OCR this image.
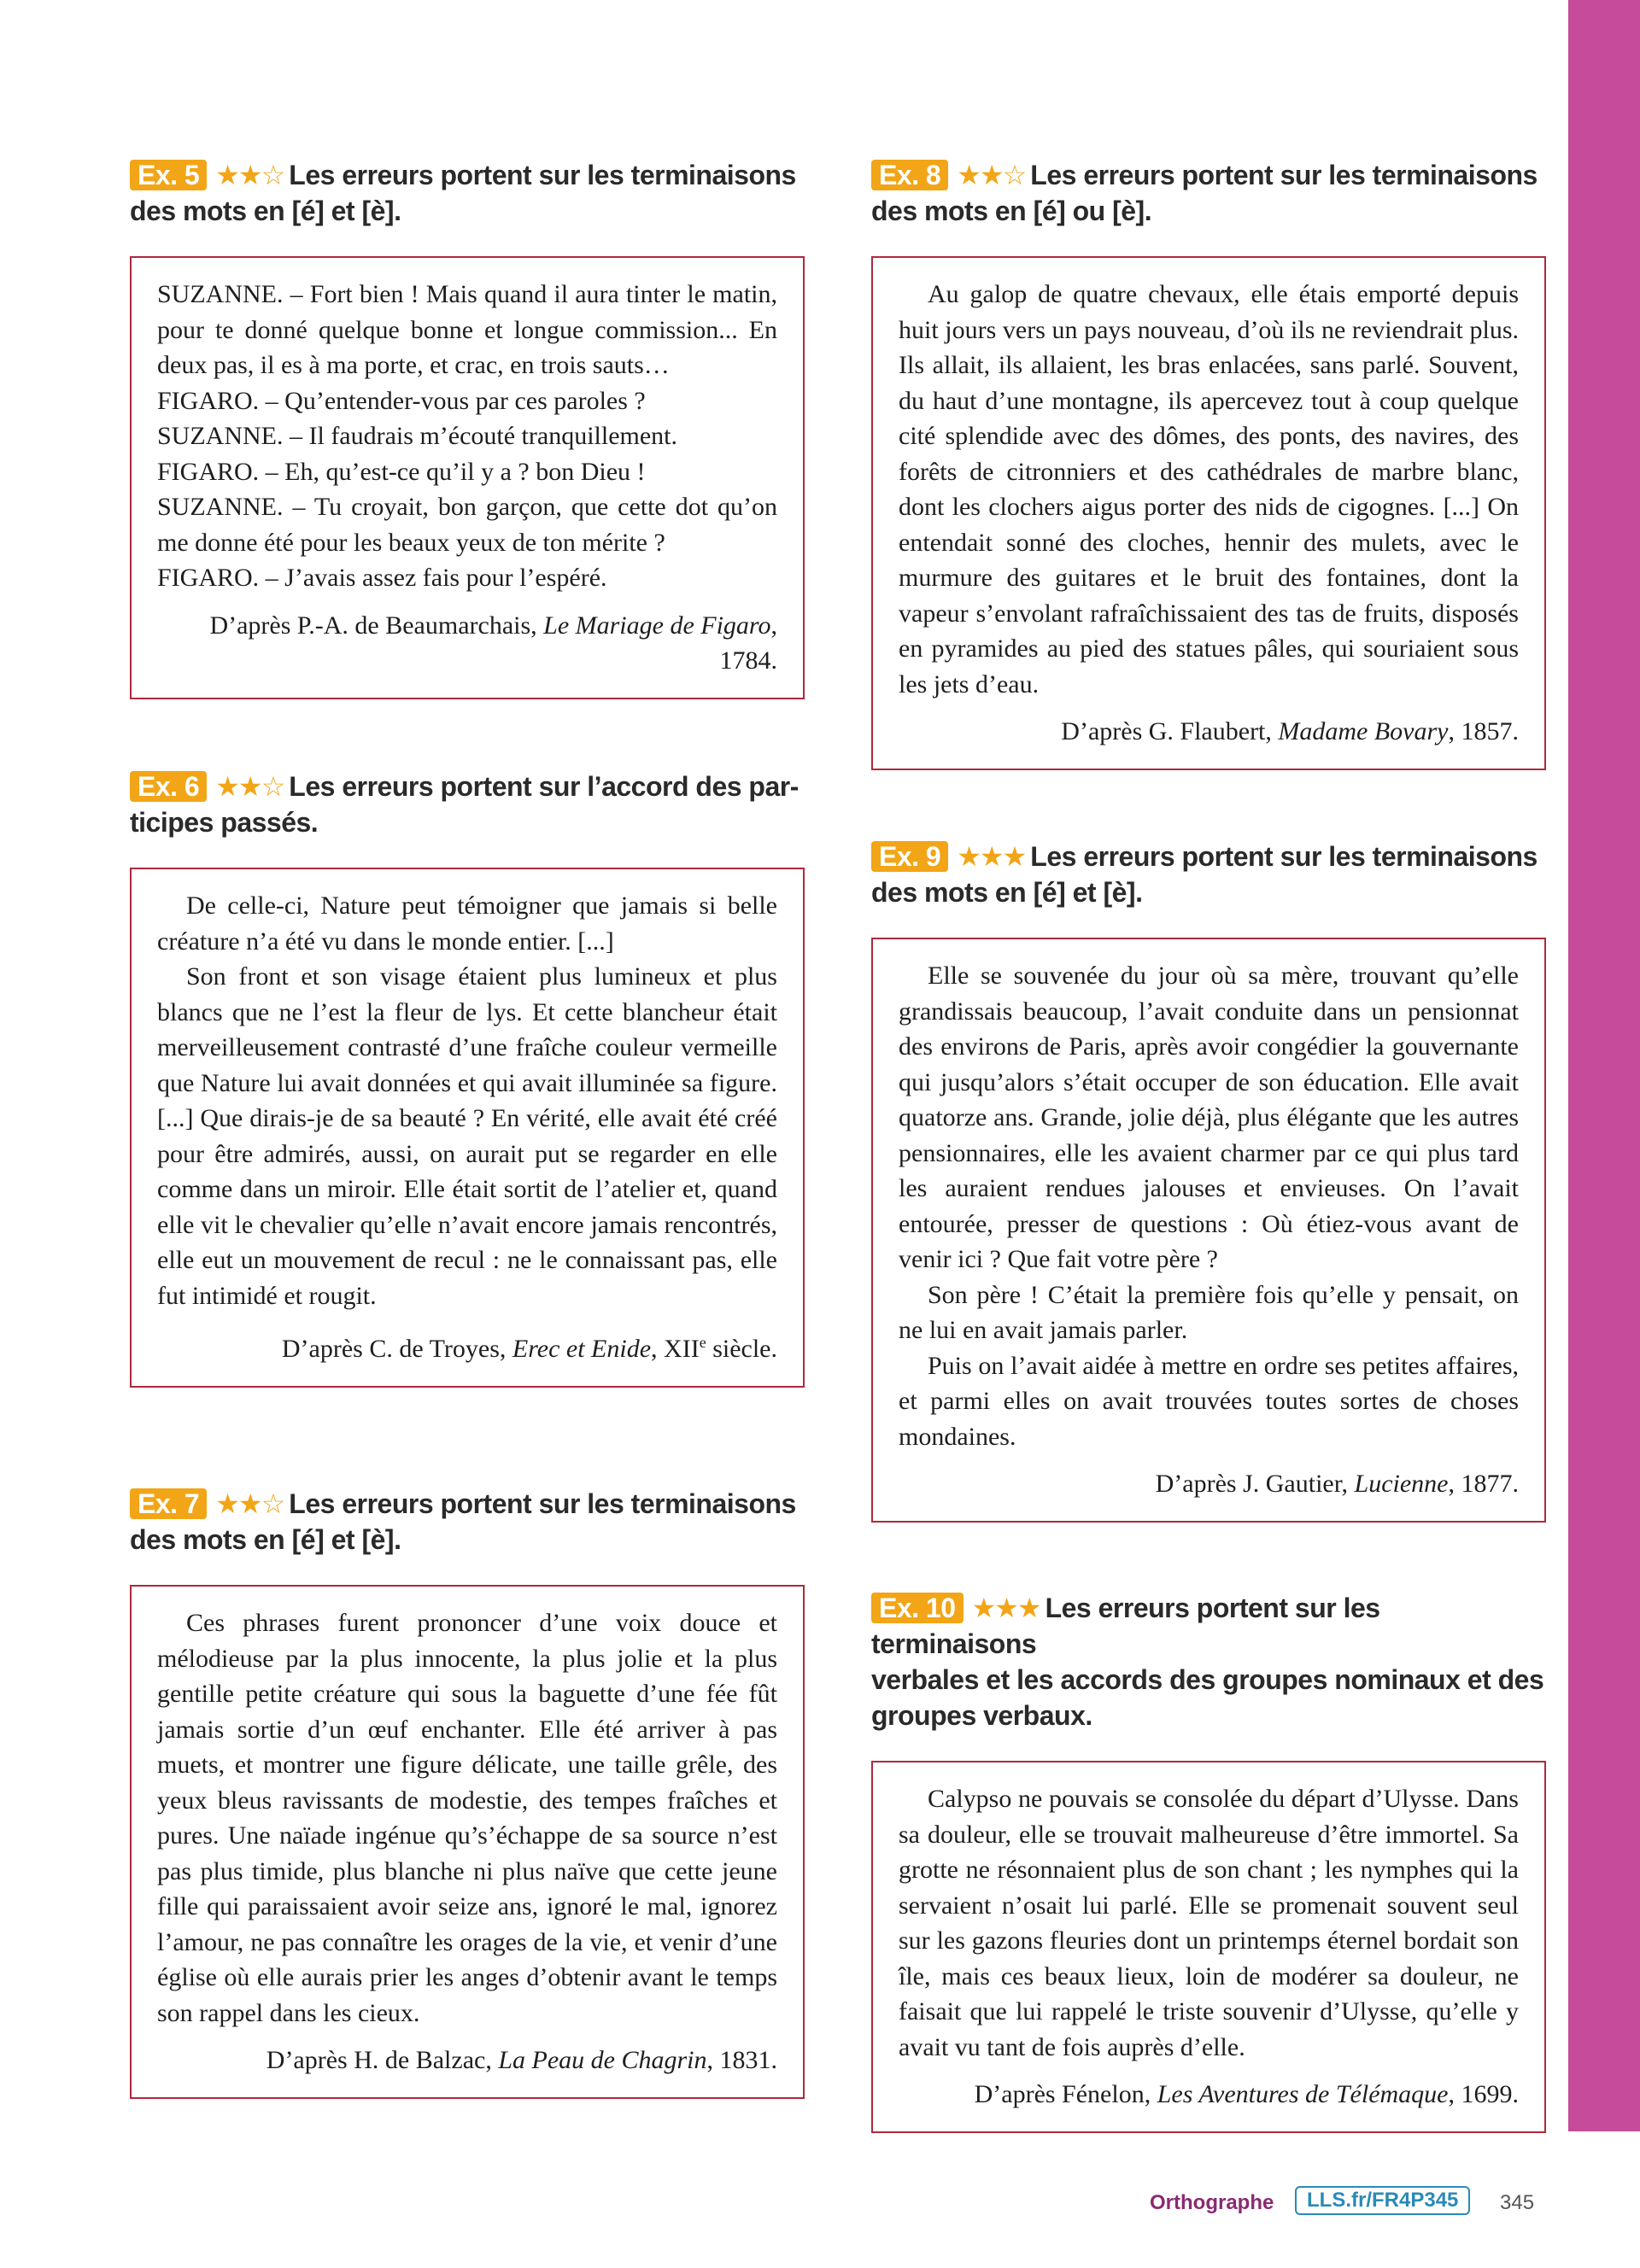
Ex. 5 ★★☆ Les erreurs portent sur les terminaisons
des mots en [é] et [è].

SUZANNE. – Fort bien ! Mais quand il aura tinter le matin, pour te donné quelque bonne et longue commission... En deux pas, il es à ma porte, et crac, en trois sauts…

FIGARO. – Qu’entender-vous par ces paroles ?

SUZANNE. – Il faudrais m’écouté tranquillement.

FIGARO. – Eh, qu’est-ce qu’il y a ? bon Dieu !

SUZANNE. – Tu croyait, bon garçon, que cette dot qu’on me donne été pour les beaux yeux de ton mérite ?

FIGARO. – J’avais assez fais pour l’espéré.

D’après P.-A. de Beaumarchais, Le Mariage de Figaro, 1784.
Ex. 6 ★★☆ Les erreurs portent sur l’accord des par-
ticipes passés.

De celle-ci, Nature peut témoigner que jamais si belle créature n’a été vu dans le monde entier. [...]

Son front et son visage étaient plus lumineux et plus blancs que ne l’est la fleur de lys. Et cette blancheur était merveilleusement contrasté d’une fraîche couleur vermeille que Nature lui avait données et qui avait illuminée sa figure. [...] Que dirais-je de sa beauté ? En vérité, elle avait été créé pour être admirés, aussi, on aurait put se regarder en elle comme dans un miroir. Elle était sortit de l’atelier et, quand elle vit le chevalier qu’elle n’avait encore jamais rencontrés, elle eut un mouvement de recul : ne le connaissant pas, elle fut intimidé et rougit.

D’après C. de Troyes, Erec et Enide, XIIe siècle.
Ex. 7 ★★☆ Les erreurs portent sur les terminaisons
des mots en [é] et [è].

Ces phrases furent prononcer d’une voix douce et mélodieuse par la plus innocente, la plus jolie et la plus gentille petite créature qui sous la baguette d’une fée fût jamais sortie d’un œuf enchanter. Elle été arriver à pas muets, et montrer une figure délicate, une taille grêle, des yeux bleus ravissants de modestie, des tempes fraîches et pures. Une naïade ingénue qu’s’échappe de sa source n’est pas plus timide, plus blanche ni plus naïve que cette jeune fille qui paraissaient avoir seize ans, ignoré le mal, ignorez l’amour, ne pas connaître les orages de la vie, et venir d’une église où elle aurais prier les anges d’obtenir avant le temps son rappel dans les cieux.

D’après H. de Balzac, La Peau de Chagrin, 1831.
Ex. 8 ★★☆ Les erreurs portent sur les terminaisons
des mots en [é] ou [è].

Au galop de quatre chevaux, elle étais emporté depuis huit jours vers un pays nouveau, d’où ils ne reviendrait plus. Ils allait, ils allaient, les bras enlacées, sans parlé. Souvent, du haut d’une montagne, ils apercevez tout à coup quelque cité splendide avec des dômes, des ponts, des navires, des forêts de citronniers et des cathédrales de marbre blanc, dont les clochers aigus porter des nids de cigognes. [...] On entendait sonné des cloches, hennir des mulets, avec le murmure des guitares et le bruit des fontaines, dont la vapeur s’envolant rafraîchissaient des tas de fruits, disposés en pyramides au pied des statues pâles, qui souriaient sous les jets d’eau.

D’après G. Flaubert, Madame Bovary, 1857.
Ex. 9 ★★★ Les erreurs portent sur les terminaisons
des mots en [é] et [è].

Elle se souvenée du jour où sa mère, trouvant qu’elle grandissais beaucoup, l’avait conduite dans un pensionnat des environs de Paris, après avoir congédier la gouvernante qui jusqu’alors s’était occuper de son éducation. Elle avait quatorze ans. Grande, jolie déjà, plus élégante que les autres pensionnaires, elle les avaient charmer par ce qui plus tard les auraient rendues jalouses et envieuses. On l’avait entourée, presser de questions : Où étiez-vous avant de venir ici ? Que fait votre père ?

Son père ! C’était la première fois qu’elle y pensait, on ne lui en avait jamais parler.

Puis on l’avait aidée à mettre en ordre ses petites affaires, et parmi elles on avait trouvées toutes sortes de choses mondaines.

D’après J. Gautier, Lucienne, 1877.
Ex. 10 ★★★ Les erreurs portent sur les terminaisons
verbales et les accords des groupes nominaux et des
groupes verbaux.

Calypso ne pouvais se consolée du départ d’Ulysse. Dans sa douleur, elle se trouvait malheureuse d’être immortel. Sa grotte ne résonnaient plus de son chant ; les nymphes qui la servaient n’osait lui parlé. Elle se promenait souvent seul sur les gazons fleuries dont un printemps éternel bordait son île, mais ces beaux lieux, loin de modérer sa douleur, ne faisait que lui rappelé le triste souvenir d’Ulysse, qu’elle y avait vu tant de fois auprès d’elle.

D’après Fénelon, Les Aventures de Télémaque, 1699.
Orthographe	LLS.fr/FR4P345	345
